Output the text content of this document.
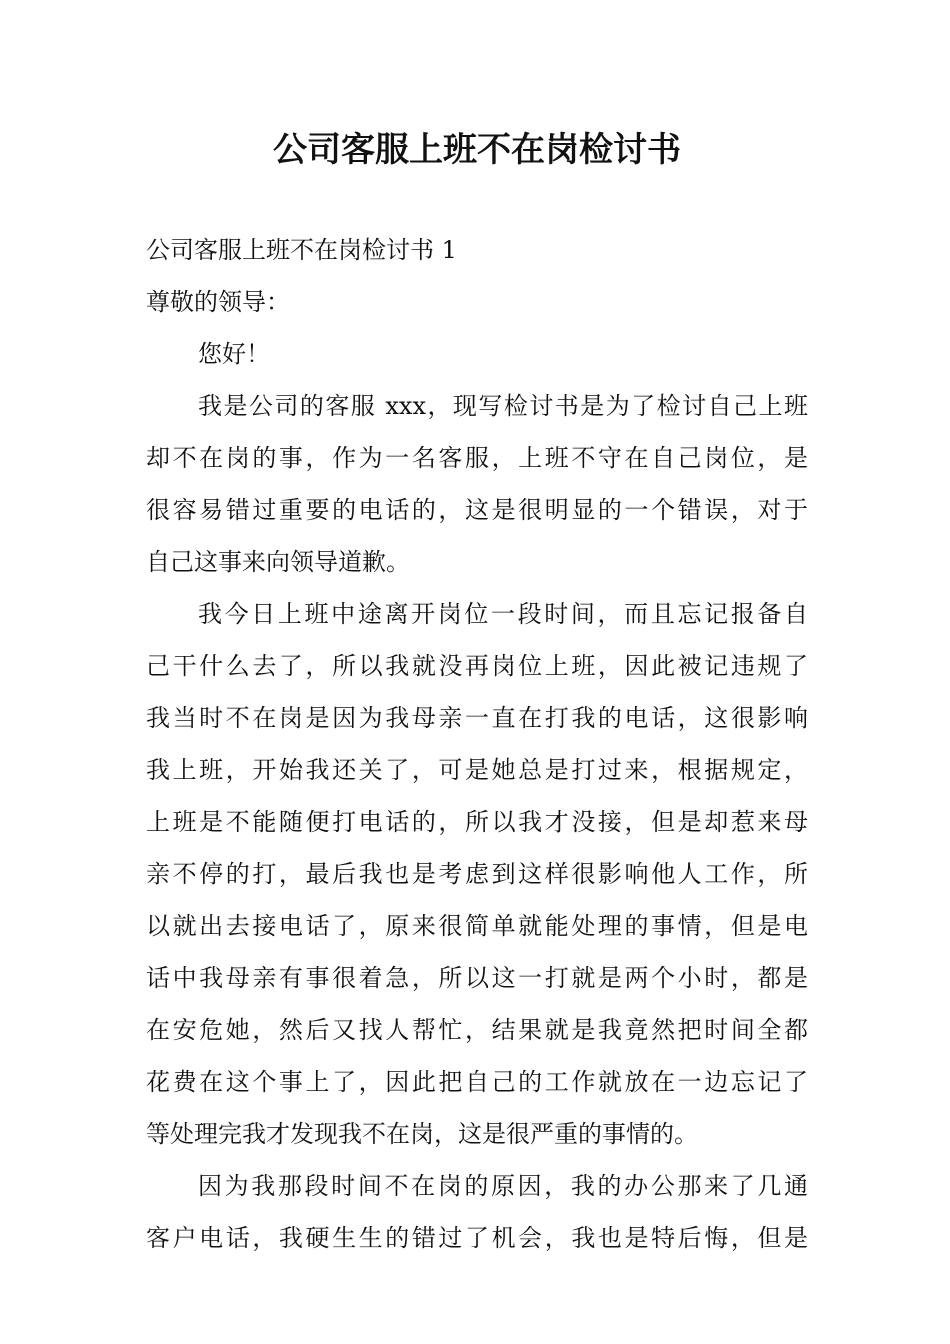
公司客服上班不在岗检讨书

公司客服上班不在岗检讨书 1

尊敬的领导：

您好！

我是公司的客服 xxx，现写检讨书是为了检讨自己上班

却不在岗的事，作为一名客服，上班不守在自己岗位，是

很容易错过重要的电话的，这是很明显的一个错误，对于

自己这事来向领导道歉。

我今日上班中途离开岗位一段时间，而且忘记报备自

己干什么去了，所以我就没再岗位上班，因此被记违规了

我当时不在岗是因为我母亲一直在打我的电话，这很影响

我上班，开始我还关了，可是她总是打过来，根据规定，

上班是不能随便打电话的，所以我才没接，但是却惹来母

亲不停的打，最后我也是考虑到这样很影响他人工作，所

以就出去接电话了，原来很简单就能处理的事情，但是电

话中我母亲有事很着急，所以这一打就是两个小时，都是

在安危她，然后又找人帮忙，结果就是我竟然把时间全都

花费在这个事上了，因此把自己的工作就放在一边忘记了

等处理完我才发现我不在岗，这是很严重的事情的。

因为我那段时间不在岗的原因，我的办公那来了几通

客户电话，我硬生生的错过了机会，我也是特后悔，但是
